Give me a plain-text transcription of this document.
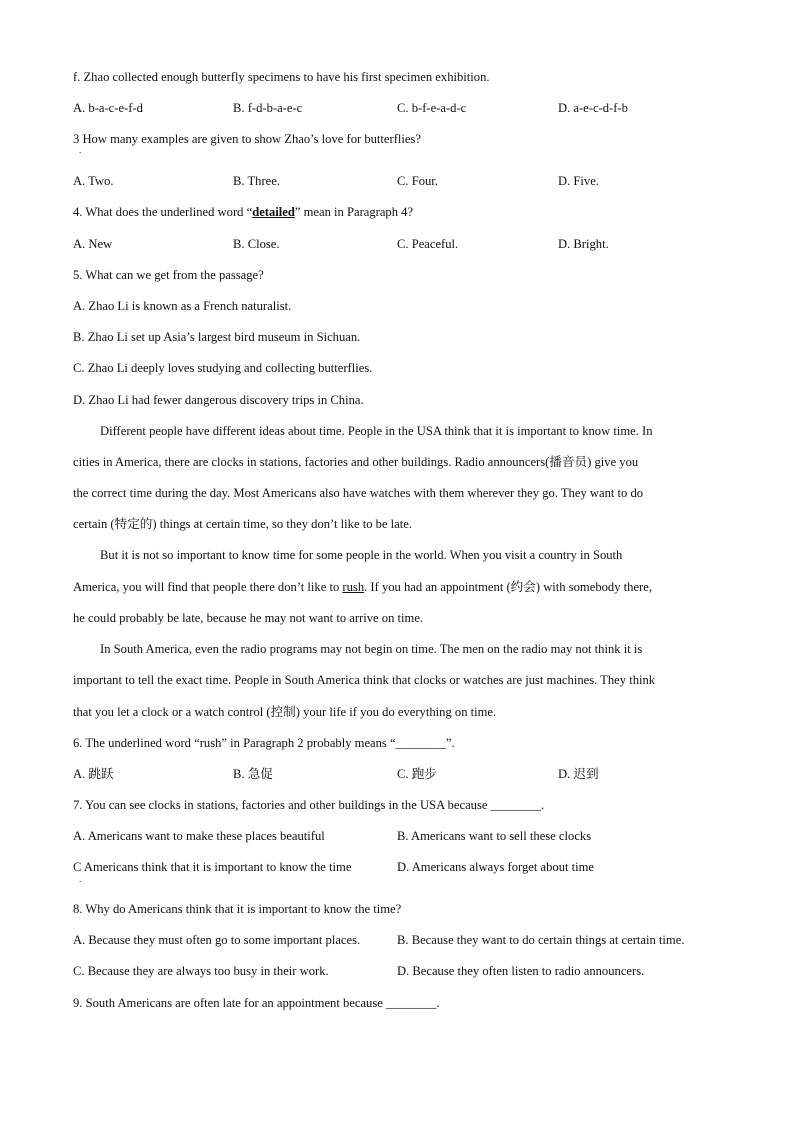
f. Zhao collected enough butterfly specimens to have his first specimen exhibition.
A. b-a-c-e-f-d	B. f-d-b-a-e-c	C. b-f-e-a-d-c	D. a-e-c-d-f-b
3 How many examples are given to show Zhao’s love for butterflies?
.
A. Two.	B. Three.	C. Four.	D. Five.
4. What does the underlined word “detailed” mean in Paragraph 4?
A. New	B. Close.	C. Peaceful.	D. Bright.
5. What can we get from the passage?
A. Zhao Li is known as a French naturalist.
B. Zhao Li set up Asia’s largest bird museum in Sichuan.
C. Zhao Li deeply loves studying and collecting butterflies.
D. Zhao Li had fewer dangerous discovery trips in China.
Different people have different ideas about time. People in the USA think that it is important to know time. In
cities in America, there are clocks in stations, factories and other buildings. Radio announcers(播音员) give you
the correct time during the day. Most Americans also have watches with them wherever they go. They want to do
certain (特定的) things at certain time, so they don’t like to be late.
But it is not so important to know time for some people in the world. When you visit a country in South
America, you will find that people there don’t like to rush. If you had an appointment (约会) with somebody there,
he could probably be late, because he may not want to arrive on time.
In South America, even the radio programs may not begin on time. The men on the radio may not think it is
important to tell the exact time. People in South America think that clocks or watches are just machines. They think
that you let a clock or a watch control (控制) your life if you do everything on time.
6. The underlined word “rush” in Paragraph 2 probably means “________”.
A. 跳跃	B. 急促	C. 跑步	D. 迟到
7. You can see clocks in stations, factories and other buildings in the USA because ________.
A. Americans want to make these places beautiful	B. Americans want to sell these clocks
C Americans think that it is important to know the time	D. Americans always forget about time
.
8. Why do Americans think that it is important to know the time?
A. Because they must often go to some important places.	B. Because they want to do certain things at certain time.
C. Because they are always too busy in their work.	D. Because they often listen to radio announcers.
9. South Americans are often late for an appointment because ________.
